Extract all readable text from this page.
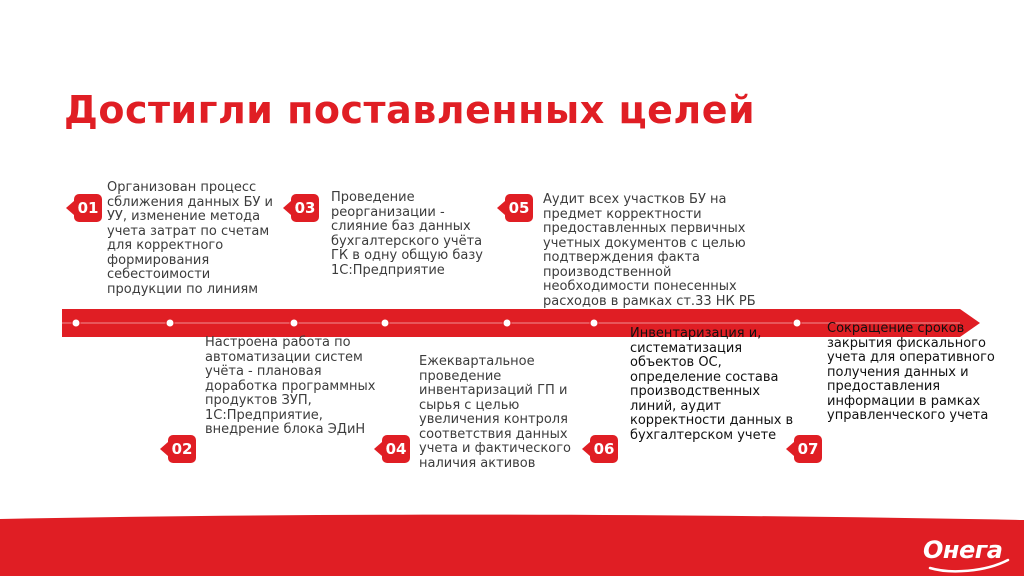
Достигли поставленных целей
01
Организован процесс сближения данных БУ и УУ, изменение метода учета затрат по счетам для корректного формирования себестоимости продукции по линиям
02
Настроена работа по автоматизации систем учёта - плановая доработка программных продуктов ЗУП, 1С:Предприятие, внедрение блока ЭДиН
03
Проведение реорганизации - слияние баз данных бухгалтерского учёта ГК в одну общую базу 1С:Предприятие
04
Ежеквартальное проведение инвентаризаций ГП и сырья с целью увеличения контроля соответствия данных учета и фактического наличия активов
05 Аудит всех участков БУ на предмет корректности предоставленных первичных учетных документов с целью подтверждения факта производственной необходимости понесенных расходов в рамках ст.33 НК РБ
06
Инвентаризация и, систематизация объектов ОС, определение состава производственных линий, аудит корректности данных в бухгалтерском учете
07
Сокращение сроков закрытия фискального учета для оперативного получения данных и предоставления информации в рамках управленческого учета
Онега
